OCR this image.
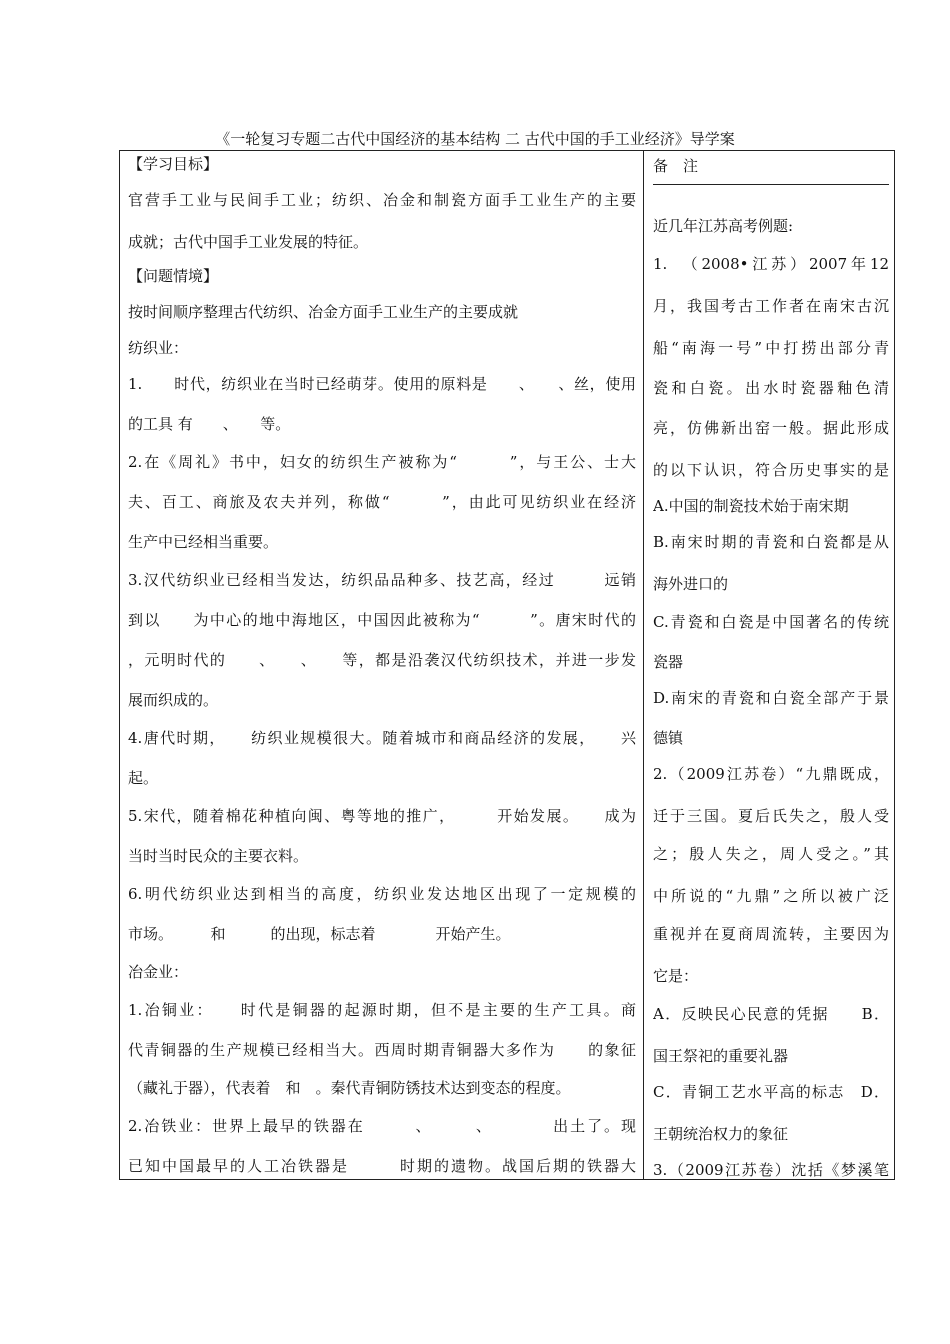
《一轮复习专题二古代中国经济的基本结构 二 古代中国的手工业经济》导学案
【学习目标】
官营手工业与民间手工业；纺织、冶金和制瓷方面手工业生产的主要
成就；古代中国手工业发展的特征。
【问题情境】
按时间顺序整理古代纺织、冶金方面手工业生产的主要成就
纺织业：
1.　　时代，纺织业在当时已经萌芽。使用的原料是　　、　　、丝，使用
的工具 有　　、　　等。
2.在《周礼》书中，妇女的纺织生产被称为“　　　”，与王公、士大
夫、百工、商旅及农夫并列，称做“　　　”，由此可见纺织业在经济
生产中已经相当重要。
3.汉代纺织业已经相当发达，纺织品品种多、技艺高，经过　　　远销
到以　　为中心的地中海地区，中国因此被称为“　　　”。唐宋时代的
，元明时代的　　、　　、　　等，都是沿袭汉代纺织技术，并进一步发
展而织成的。
4.唐代时期，　　纺织业规模很大。随着城市和商品经济的发展，　　兴
起。
5.宋代，随着棉花种植向闽、粤等地的推广，　　　开始发展。　　成为
当时当时民众的主要衣料。
6.明代纺织业达到相当的高度，纺织业发达地区出现了一定规模的
市场。　　　和　　　的出现，标志着　　　　开始产生。
冶金业：
1.冶铜业：　　时代是铜器的起源时期，但不是主要的生产工具。商
代青铜器的生产规模已经相当大。西周时期青铜器大多作为　　的象征
（藏礼于器），代表着　和　。秦代青铜防锈技术达到变态的程度。
2.冶铁业：世界上最早的铁器在　　　、　　　、　　　　出土了。现
已知中国最早的人工冶铁器是　　　时期的遗物。战国后期的铁器大
备　注
近几年江苏高考例题:
1.　（2008•江苏）2007年12
月，我国考古工作者在南宋古沉
船“南海一号”中打捞出部分青
瓷和白瓷。出水时瓷器釉色清
亮，仿佛新出窑一般。据此形成
的以下认识，符合历史事实的是
A.中国的制瓷技术始于南宋期
B.南宋时期的青瓷和白瓷都是从
海外进口的
C.青瓷和白瓷是中国著名的传统
瓷器
D.南宋的青瓷和白瓷全部产于景
德镇
2.（2009江苏卷）“九鼎既成，
迁于三国。夏后氏失之，殷人受
之；殷人失之，周人受之。”其
中所说的“九鼎”之所以被广泛
重视并在夏商周流转，主要因为
它是：
A．反映民心民意的凭据　　B．
国王祭祀的重要礼器
C．青铜工艺水平高的标志　D．
王朝统治权力的象征
3.（2009江苏卷）沈括《梦溪笔
